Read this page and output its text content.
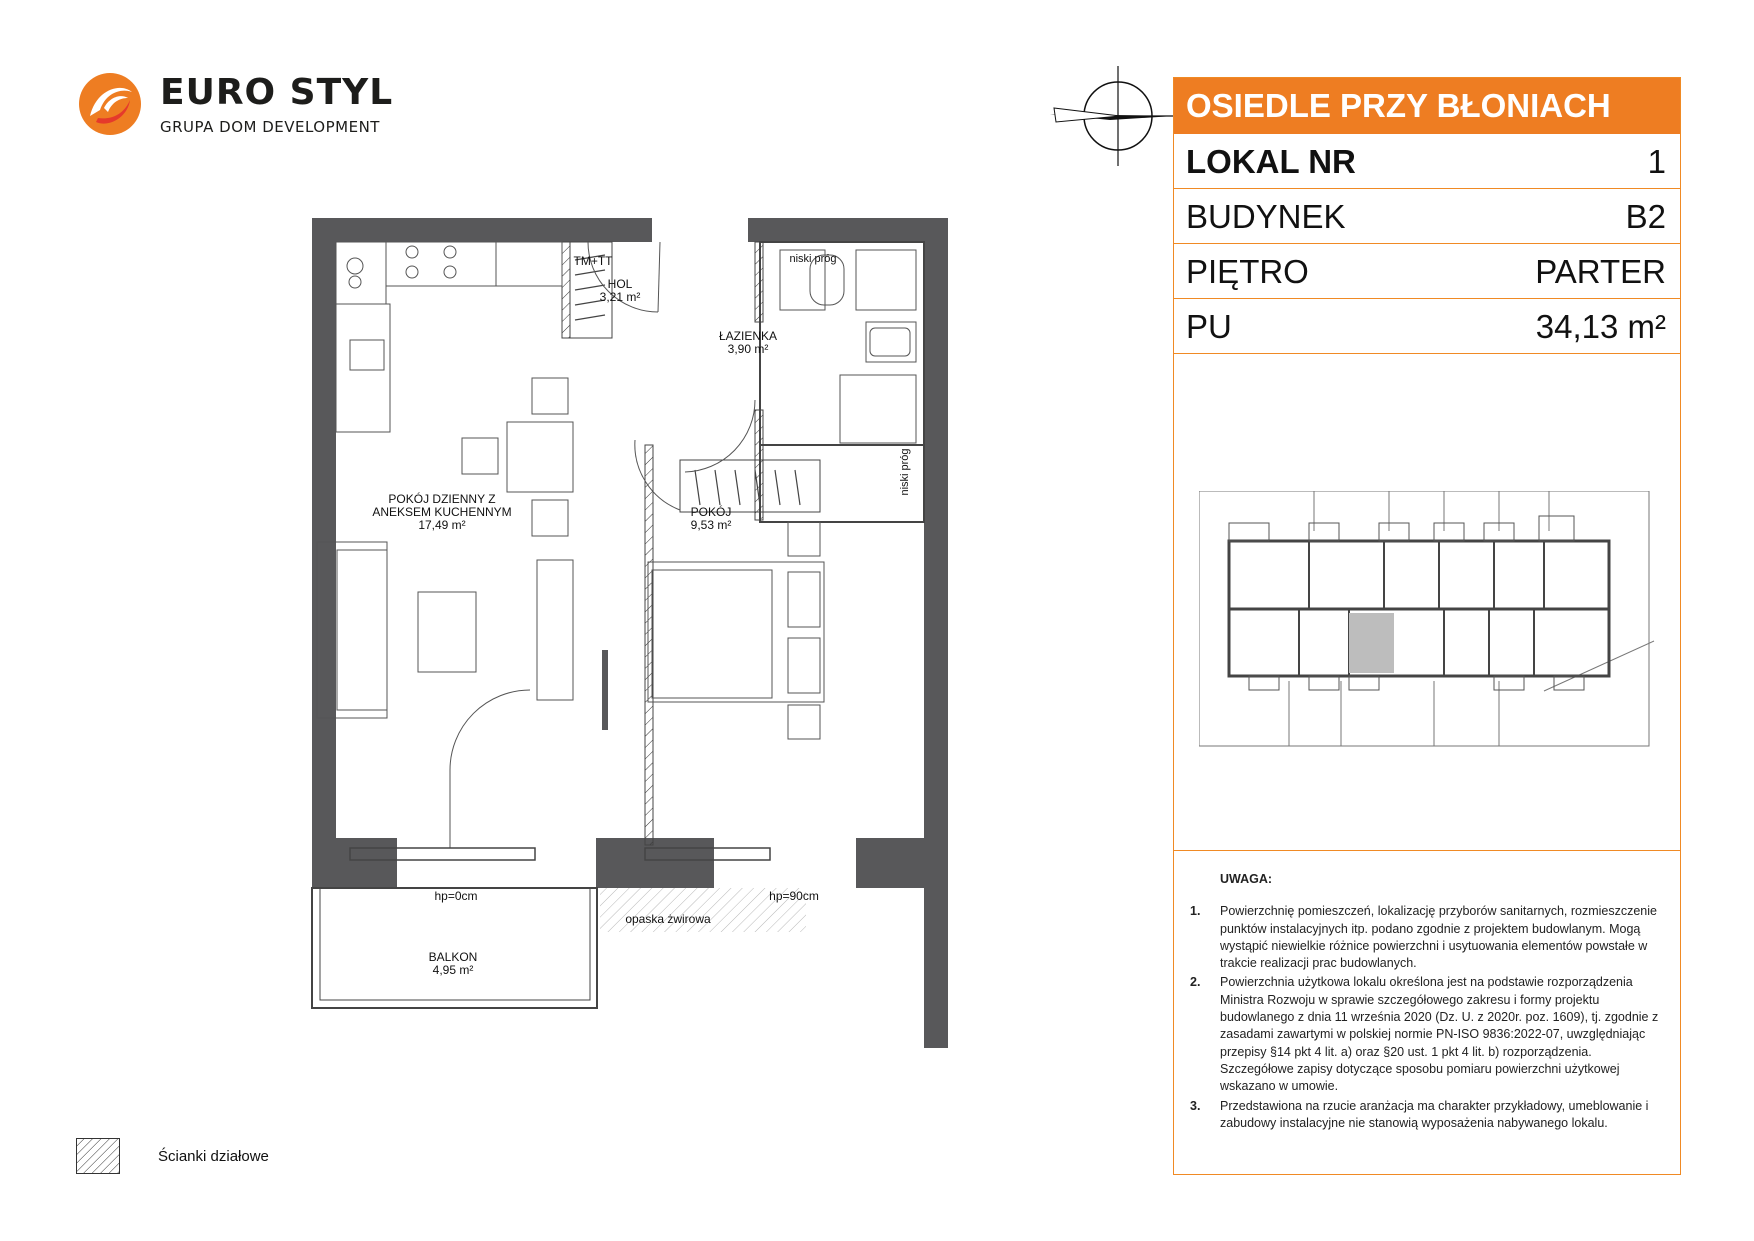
EURO STYL
GRUPA DOM DEVELOPMENT
OSIEDLE PRZY BŁONIACH
LOKAL NR	1
BUDYNEK	B2
PIĘTRO	PARTER
PU	34,13 m²
UWAGA:
1. Powierzchnię pomieszczeń, lokalizację przyborów sanitarnych, rozmieszczenie punktów instalacyjnych itp. podano zgodnie z projektem budowlanym. Mogą wystąpić niewielkie różnice powierzchni i usytuowania elementów powstałe w trakcie realizacji prac budowlanych.
2. Powierzchnia użytkowa lokalu określona jest na podstawie rozporządzenia Ministra Rozwoju w sprawie szczegółowego zakresu i formy projektu budowlanego z dnia 11 września 2020 (Dz. U. z 2020r. poz. 1609), tj. zgodnie z zasadami zawartymi w polskiej normie PN-ISO 9836:2022-07, uwzględniając przepisy §14 pkt 4 lit. a) oraz §20 ust. 1 pkt 4 lit. b) rozporządzenia. Szczegółowe zapisy dotyczące sposobu pomiaru powierzchni użytkowej wskazano w umowie.
3. Przedstawiona na rzucie aranżacja ma charakter przykładowy, umeblowanie i zabudowy instalacyjne nie stanowią wyposażenia nabywanego lokalu.
HOL
3,21 m²
ŁAZIENKA
3,90 m²
POKÓJ DZIENNY Z
ANEKSEM KUCHENNYM
17,49 m²
POKÓJ
9,53 m²
BALKON
4,95 m²
TM+TT
hp=0cm	hp=90cm
niski próg
niski próg
opaska żwirowa
Ścianki działowe
